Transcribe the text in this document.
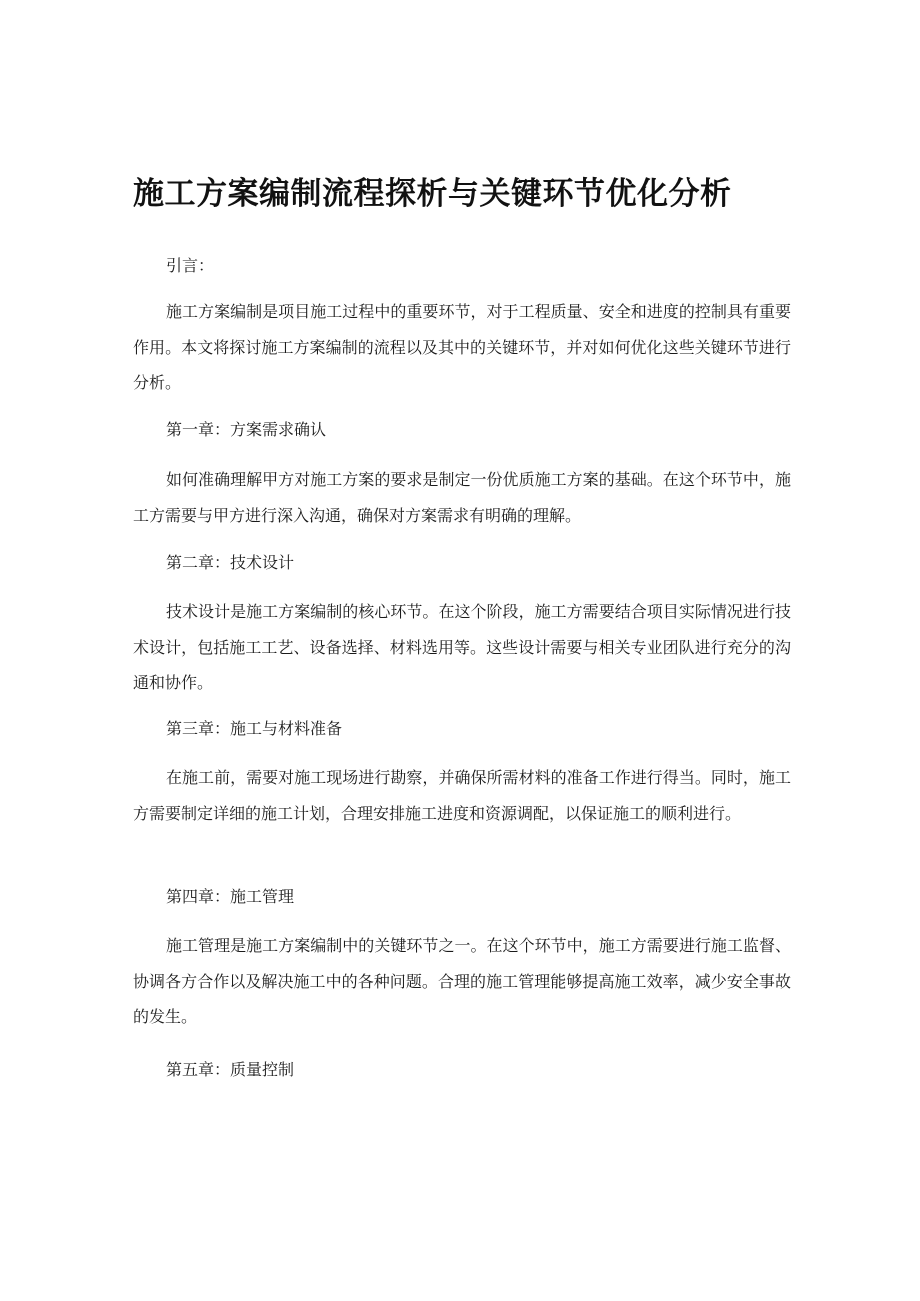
施工方案编制流程探析与关键环节优化分析

引言：

施工方案编制是项目施工过程中的重要环节，对于工程质量、安全和进度的控制具有重要作用。本文将探讨施工方案编制的流程以及其中的关键环节，并对如何优化这些关键环节进行分析。

第一章：方案需求确认

如何准确理解甲方对施工方案的要求是制定一份优质施工方案的基础。在这个环节中，施工方需要与甲方进行深入沟通，确保对方案需求有明确的理解。

第二章：技术设计

技术设计是施工方案编制的核心环节。在这个阶段，施工方需要结合项目实际情况进行技术设计，包括施工工艺、设备选择、材料选用等。这些设计需要与相关专业团队进行充分的沟通和协作。

第三章：施工与材料准备

在施工前，需要对施工现场进行勘察，并确保所需材料的准备工作进行得当。同时，施工方需要制定详细的施工计划，合理安排施工进度和资源调配，以保证施工的顺利进行。

第四章：施工管理

施工管理是施工方案编制中的关键环节之一。在这个环节中，施工方需要进行施工监督、协调各方合作以及解决施工中的各种问题。合理的施工管理能够提高施工效率，减少安全事故的发生。

第五章：质量控制
